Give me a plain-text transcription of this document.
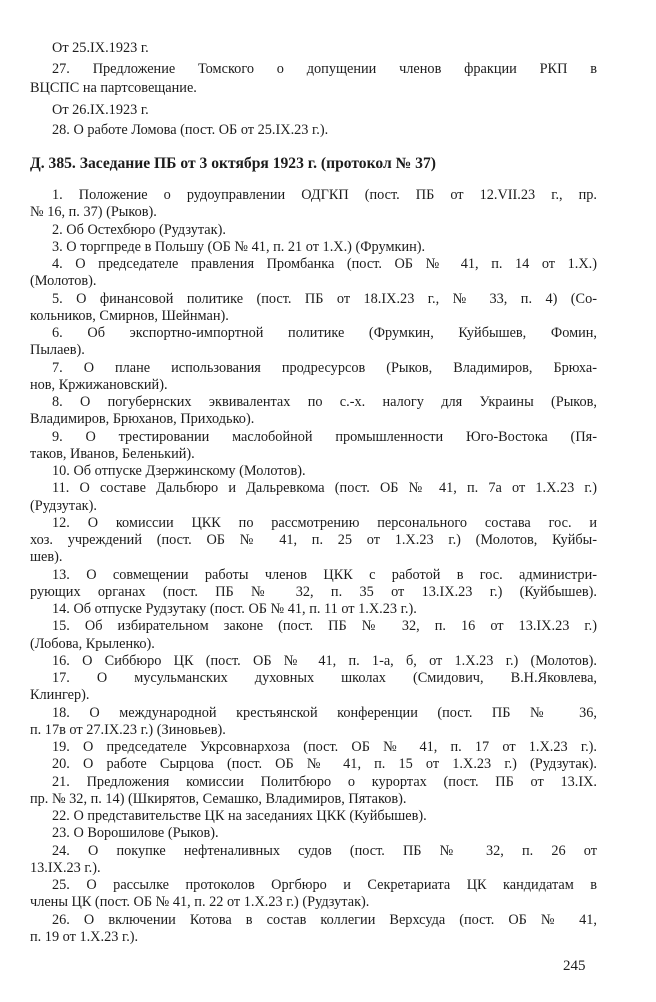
От 25.IX.1923 г.
27. Предложение Томского о допущении членов фракции РКП в
ВЦСПС на партсовещание.
От 26.IX.1923 г.
28. О работе Ломова (пост. ОБ от 25.IX.23 г.).
Д. 385. Заседание ПБ от 3 октября 1923 г. (протокол № 37)
1. Положение о рудоуправлении ОДГКП (пост. ПБ от 12.VII.23 г., пр.
№ 16, п. 37) (Рыков).
2. Об Остехбюро (Рудзутак).
3. О торгпреде в Польшу (ОБ № 41, п. 21 от 1.X.) (Фрумкин).
4. О председателе правления Промбанка (пост. ОБ № 41, п. 14 от 1.X.)
(Молотов).
5. О финансовой политике (пост. ПБ от 18.IX.23 г., № 33, п. 4) (Со-
кольников, Смирнов, Шейнман).
6. Об экспортно-импортной политике (Фрумкин, Куйбышев, Фомин,
Пылаев).
7. О плане использования продресурсов (Рыков, Владимиров, Брюха-
нов, Кржижановский).
8. О погубернских эквивалентах по с.-х. налогу для Украины (Рыков,
Владимиров, Брюханов, Приходько).
9. О трестировании маслобойной промышленности Юго-Востока (Пя-
таков, Иванов, Беленький).
10. Об отпуске Дзержинскому (Молотов).
11. О составе Дальбюро и Дальревкома (пост. ОБ № 41, п. 7а от 1.X.23 г.)
(Рудзутак).
12. О комиссии ЦКК по рассмотрению персонального состава гос. и
хоз. учреждений (пост. ОБ № 41, п. 25 от 1.X.23 г.) (Молотов, Куйбы-
шев).
13. О совмещении работы членов ЦКК с работой в гос. администри-
рующих органах (пост. ПБ № 32, п. 35 от 13.IX.23 г.) (Куйбышев).
14. Об отпуске Рудзутаку (пост. ОБ № 41, п. 11 от 1.X.23 г.).
15. Об избирательном законе (пост. ПБ № 32, п. 16 от 13.IX.23 г.)
(Лобова, Крыленко).
16. О Сиббюро ЦК (пост. ОБ № 41, п. 1-а, б, от 1.X.23 г.) (Молотов).
17. О мусульманских духовных школах (Смидович, В.Н.Яковлева,
Клингер).
18. О международной крестьянской конференции (пост. ПБ № 36,
п. 17в от 27.IX.23 г.) (Зиновьев).
19. О председателе Укрсовнархоза (пост. ОБ № 41, п. 17 от 1.X.23 г.).
20. О работе Сырцова (пост. ОБ № 41, п. 15 от 1.X.23 г.) (Рудзутак).
21. Предложения комиссии Политбюро о курортах (пост. ПБ от 13.IX.
пр. № 32, п. 14) (Шкирятов, Семашко, Владимиров, Пятаков).
22. О представительстве ЦК на заседаниях ЦКК (Куйбышев).
23. О Ворошилове (Рыков).
24. О покупке нефтеналивных судов (пост. ПБ № 32, п. 26 от
13.IX.23 г.).
25. О рассылке протоколов Оргбюро и Секретариата ЦК кандидатам в
члены ЦК (пост. ОБ № 41, п. 22 от 1.X.23 г.) (Рудзутак).
26. О включении Котова в состав коллегии Верхсуда (пост. ОБ № 41,
п. 19 от 1.X.23 г.).
245
